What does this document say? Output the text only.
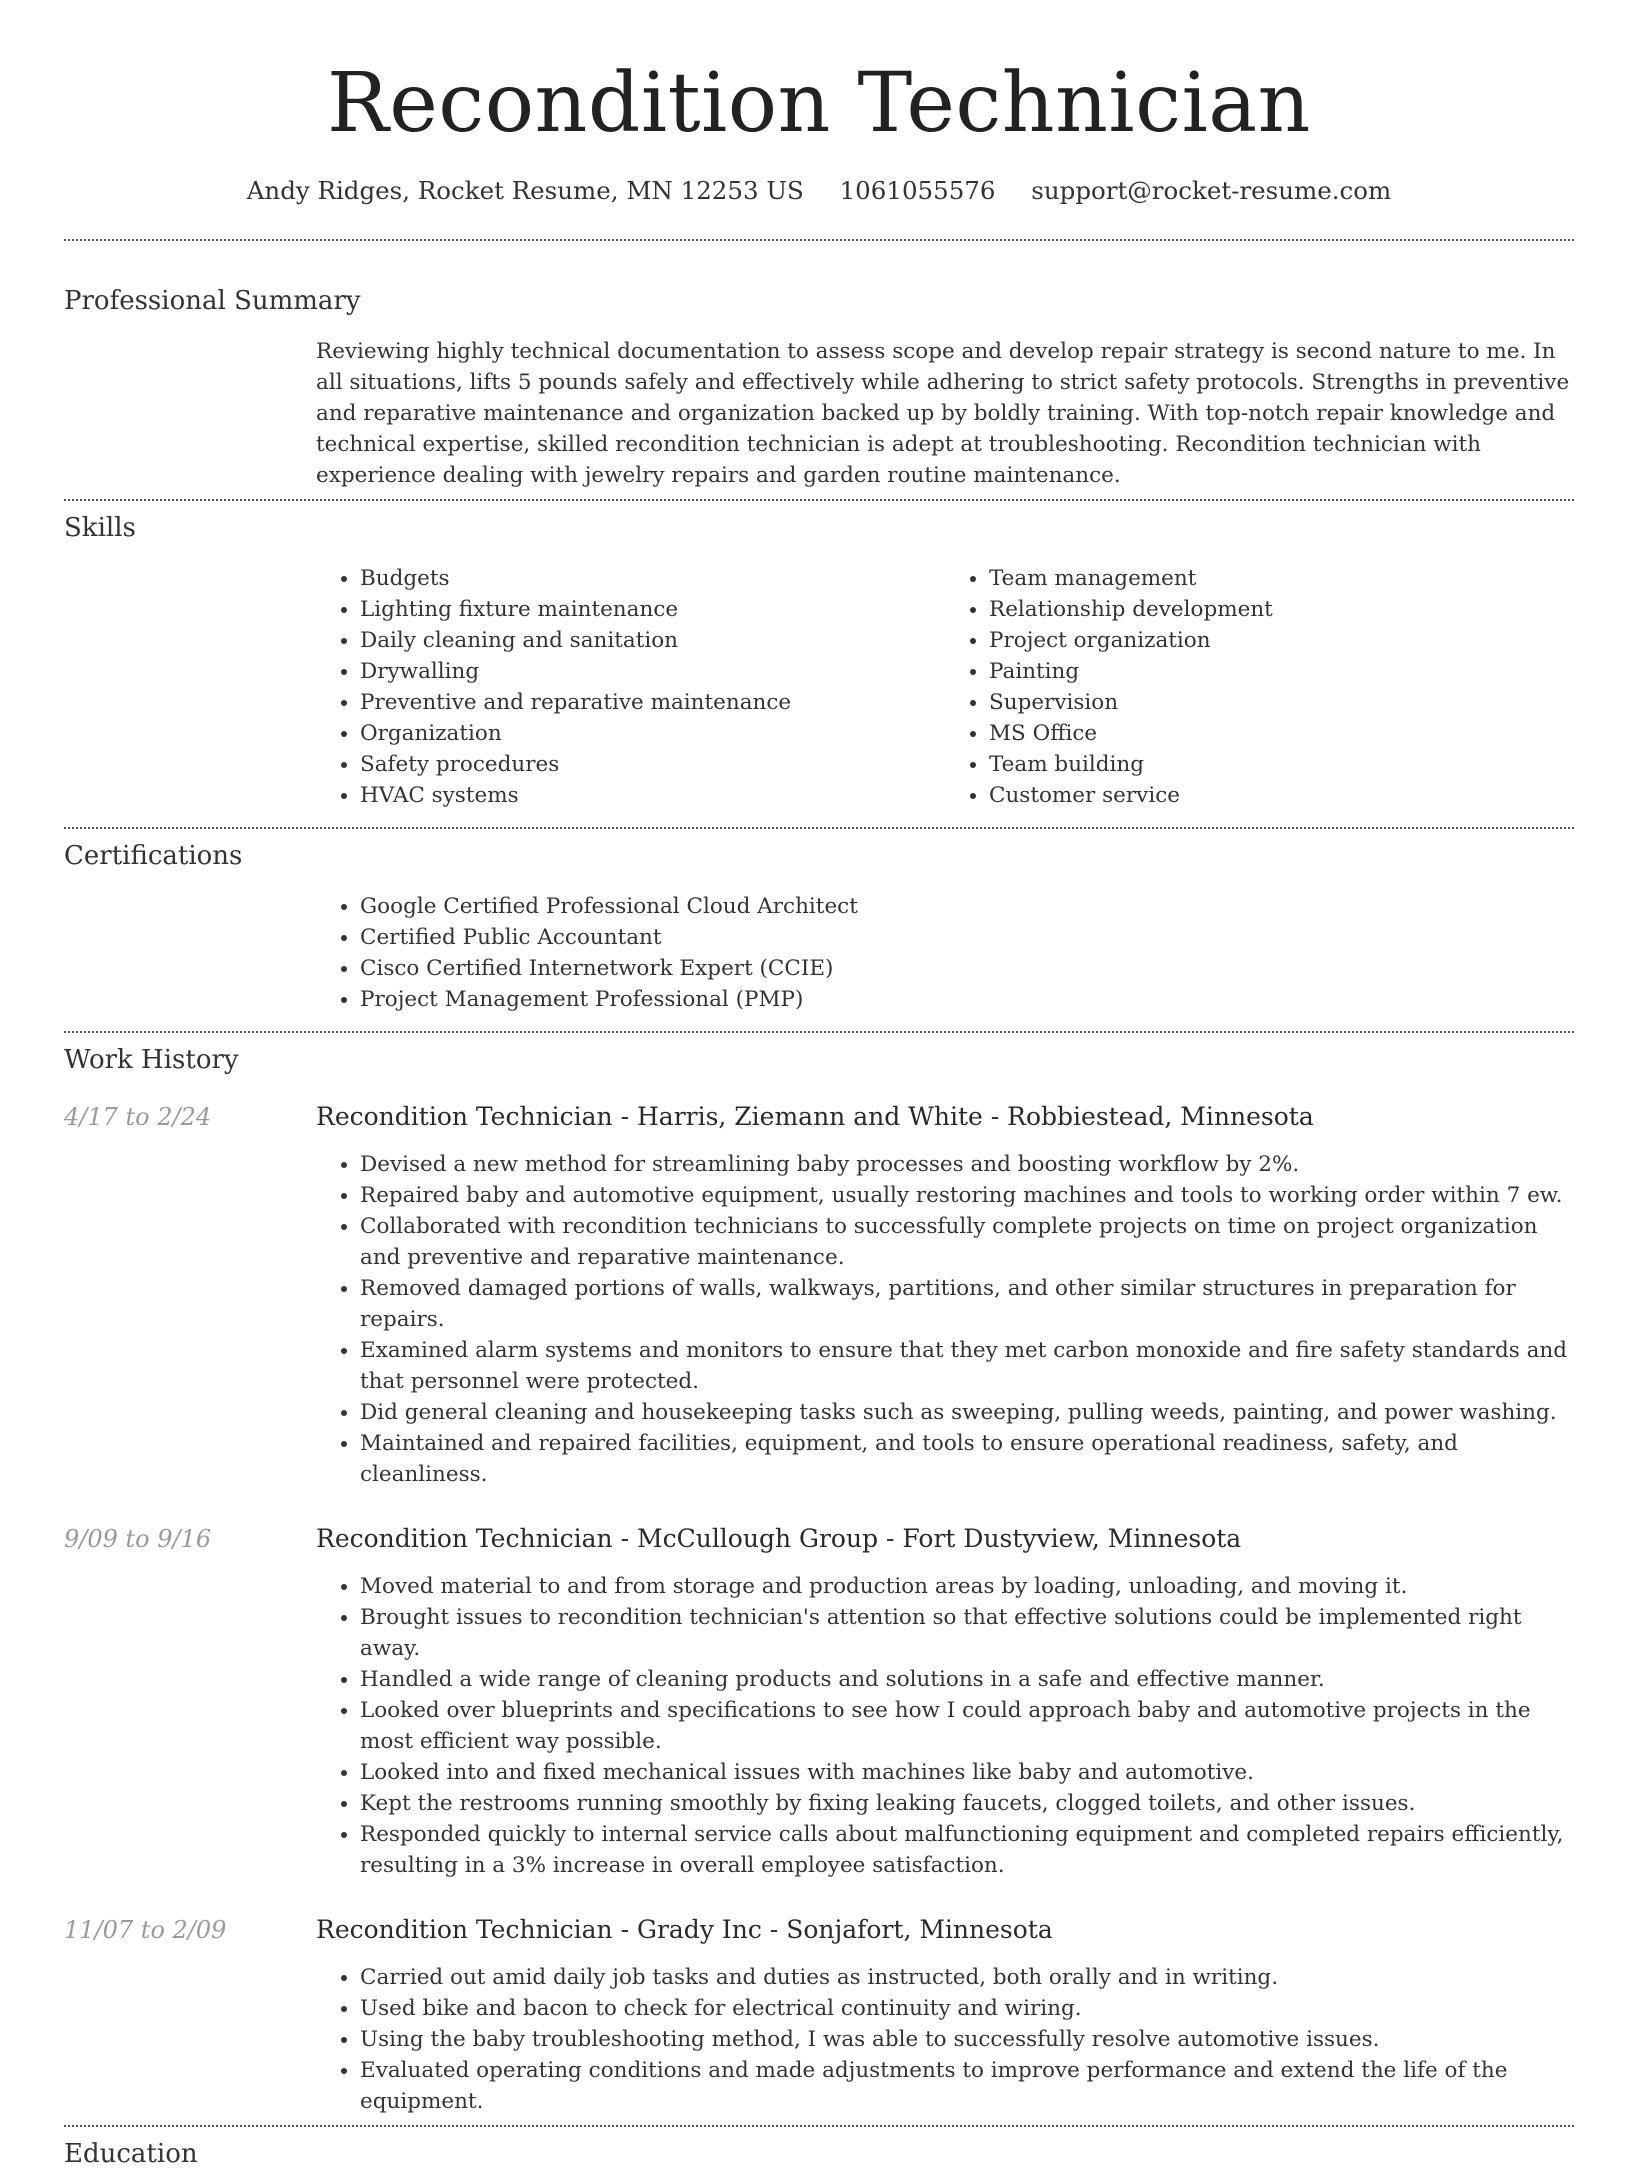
Recondition Technician
Andy Ridges, Rocket Resume, MN 12253 US 1061055576 support@rocket-resume.com
Professional Summary
Reviewing highly technical documentation to assess scope and develop repair strategy is second nature to me. In all situations, lifts 5 pounds safely and effectively while adhering to strict safety protocols. Strengths in preventive and reparative maintenance and organization backed up by boldly training. With top-notch repair knowledge and technical expertise, skilled recondition technician is adept at troubleshooting. Recondition technician with experience dealing with jewelry repairs and garden routine maintenance.
Skills
• Budgets
• Lighting fixture maintenance
• Daily cleaning and sanitation
• Drywalling
• Preventive and reparative maintenance
• Organization
• Safety procedures
• HVAC systems
• Team management
• Relationship development
• Project organization
• Painting
• Supervision
• MS Office
• Team building
• Customer service
Certifications
• Google Certified Professional Cloud Architect
• Certified Public Accountant
• Cisco Certified Internetwork Expert (CCIE)
• Project Management Professional (PMP)
Work History
4/17 to 2/24	Recondition Technician - Harris, Ziemann and White - Robbiestead, Minnesota
• Devised a new method for streamlining baby processes and boosting workflow by 2%.
• Repaired baby and automotive equipment, usually restoring machines and tools to working order within 7 ew.
• Collaborated with recondition technicians to successfully complete projects on time on project organization and preventive and reparative maintenance.
• Removed damaged portions of walls, walkways, partitions, and other similar structures in preparation for repairs.
• Examined alarm systems and monitors to ensure that they met carbon monoxide and fire safety standards and that personnel were protected.
• Did general cleaning and housekeeping tasks such as sweeping, pulling weeds, painting, and power washing.
• Maintained and repaired facilities, equipment, and tools to ensure operational readiness, safety, and cleanliness.
9/09 to 9/16	Recondition Technician - McCullough Group - Fort Dustyview, Minnesota
• Moved material to and from storage and production areas by loading, unloading, and moving it.
• Brought issues to recondition technician's attention so that effective solutions could be implemented right away.
• Handled a wide range of cleaning products and solutions in a safe and effective manner.
• Looked over blueprints and specifications to see how I could approach baby and automotive projects in the most efficient way possible.
• Looked into and fixed mechanical issues with machines like baby and automotive.
• Kept the restrooms running smoothly by fixing leaking faucets, clogged toilets, and other issues.
• Responded quickly to internal service calls about malfunctioning equipment and completed repairs efficiently, resulting in a 3% increase in overall employee satisfaction.
11/07 to 2/09	Recondition Technician - Grady Inc - Sonjafort, Minnesota
• Carried out amid daily job tasks and duties as instructed, both orally and in writing.
• Used bike and bacon to check for electrical continuity and wiring.
• Using the baby troubleshooting method, I was able to successfully resolve automotive issues.
• Evaluated operating conditions and made adjustments to improve performance and extend the life of the equipment.
Education
